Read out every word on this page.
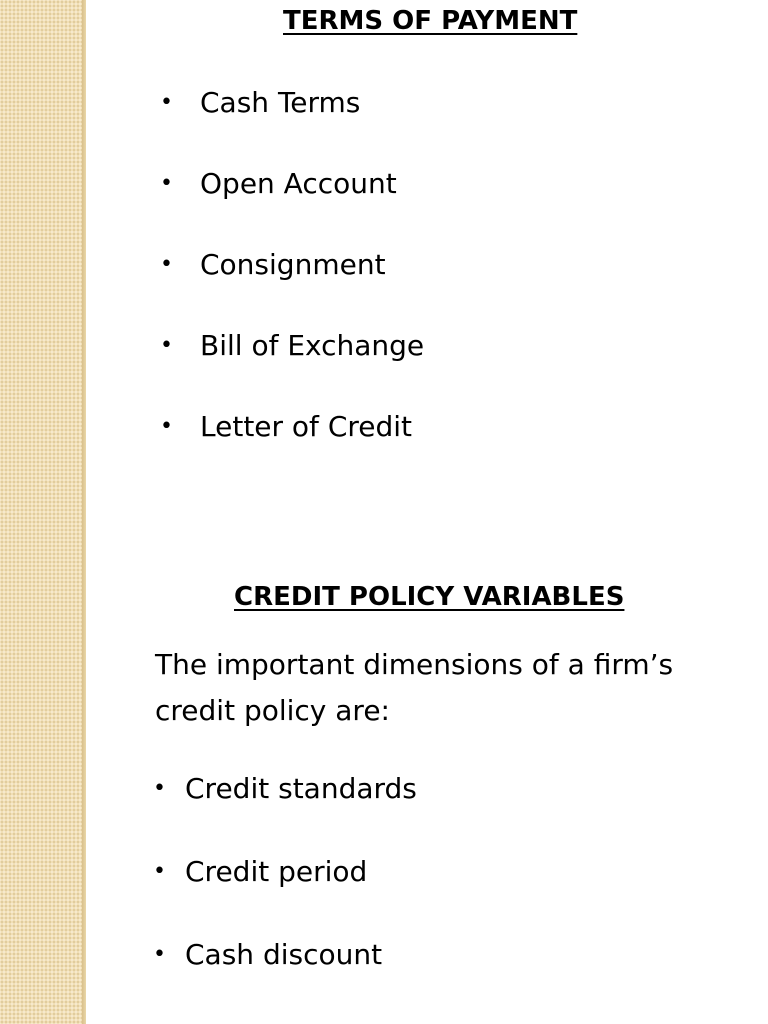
TERMS OF PAYMENT
• Cash Terms
• Open Account
• Consignment
• Bill of Exchange
• Letter of Credit
CREDIT POLICY VARIABLES

The important dimensions of a firm’s credit policy are:

• Credit standards
• Credit period
• Cash discount
